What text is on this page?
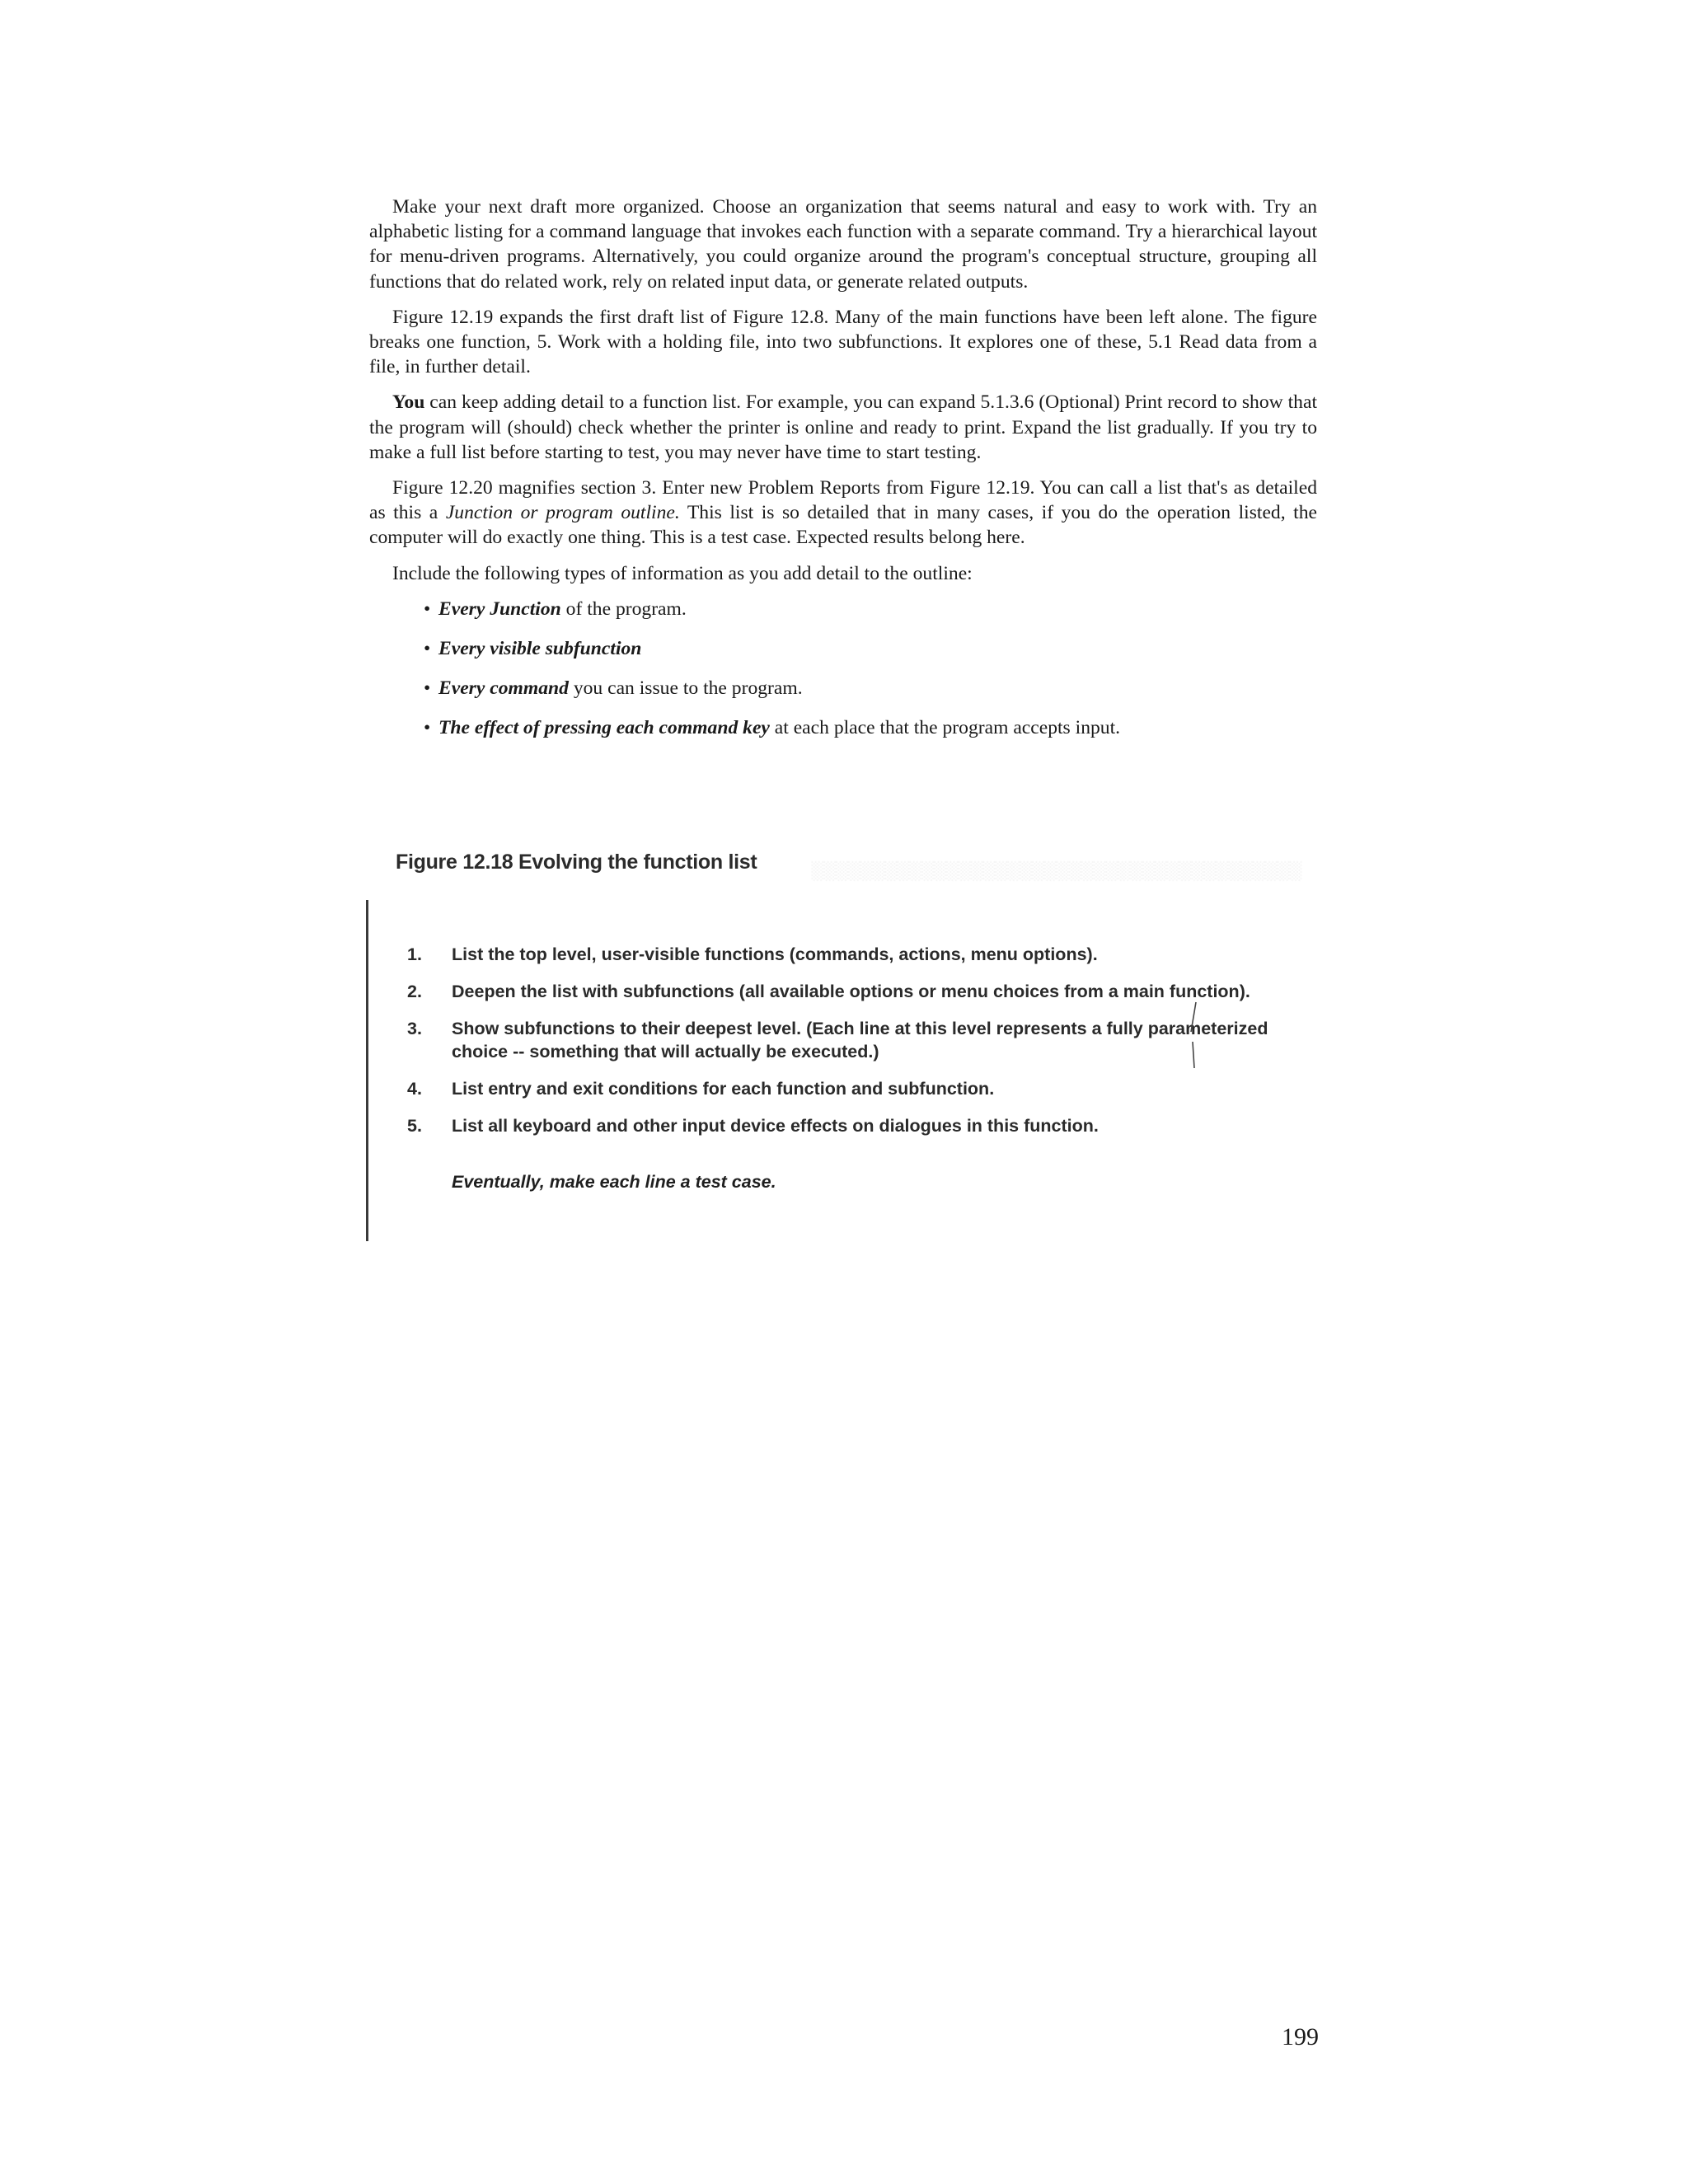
Make your next draft more organized. Choose an organization that seems natural and easy to work with. Try an alphabetic listing for a command language that invokes each function with a separate command. Try a hierarchical layout for menu-driven programs. Alternatively, you could organize around the program's conceptual structure, grouping all functions that do related work, rely on related input data, or generate related outputs.

Figure 12.19 expands the first draft list of Figure 12.8. Many of the main functions have been left alone. The figure breaks one function, 5. Work with a holding file, into two subfunctions. It explores one of these, 5.1 Read data from a file, in further detail.

You can keep adding detail to a function list. For example, you can expand 5.1.3.6 (Optional) Print record to show that the program will (should) check whether the printer is online and ready to print. Expand the list gradually. If you try to make a full list before starting to test, you may never have time to start testing.

Figure 12.20 magnifies section 3. Enter new Problem Reports from Figure 12.19. You can call a list that's as detailed as this a Junction or program outline. This list is so detailed that in many cases, if you do the operation listed, the computer will do exactly one thing. This is a test case. Expected results belong here.

Include the following types of information as you add detail to the outline:

• Every Junction of the program.
• Every visible subfunction
• Every command you can issue to the program.
• The effect of pressing each command key at each place that the program accepts input.
░░░░░░░░░░░░░░░░░░░░░░░░░░░░░░░░░░░░░░░░
Figure 12.18 Evolving the function list
1. List the top level, user-visible functions (commands, actions, menu options).
2. Deepen the list with subfunctions (all available options or menu choices from a main function).
3. Show subfunctions to their deepest level. (Each line at this level represents a fully parameterized choice -- something that will actually be executed.)
4. List entry and exit conditions for each function and subfunction.
5. List all keyboard and other input device effects on dialogues in this function.
Eventually, make each line a test case.
199
